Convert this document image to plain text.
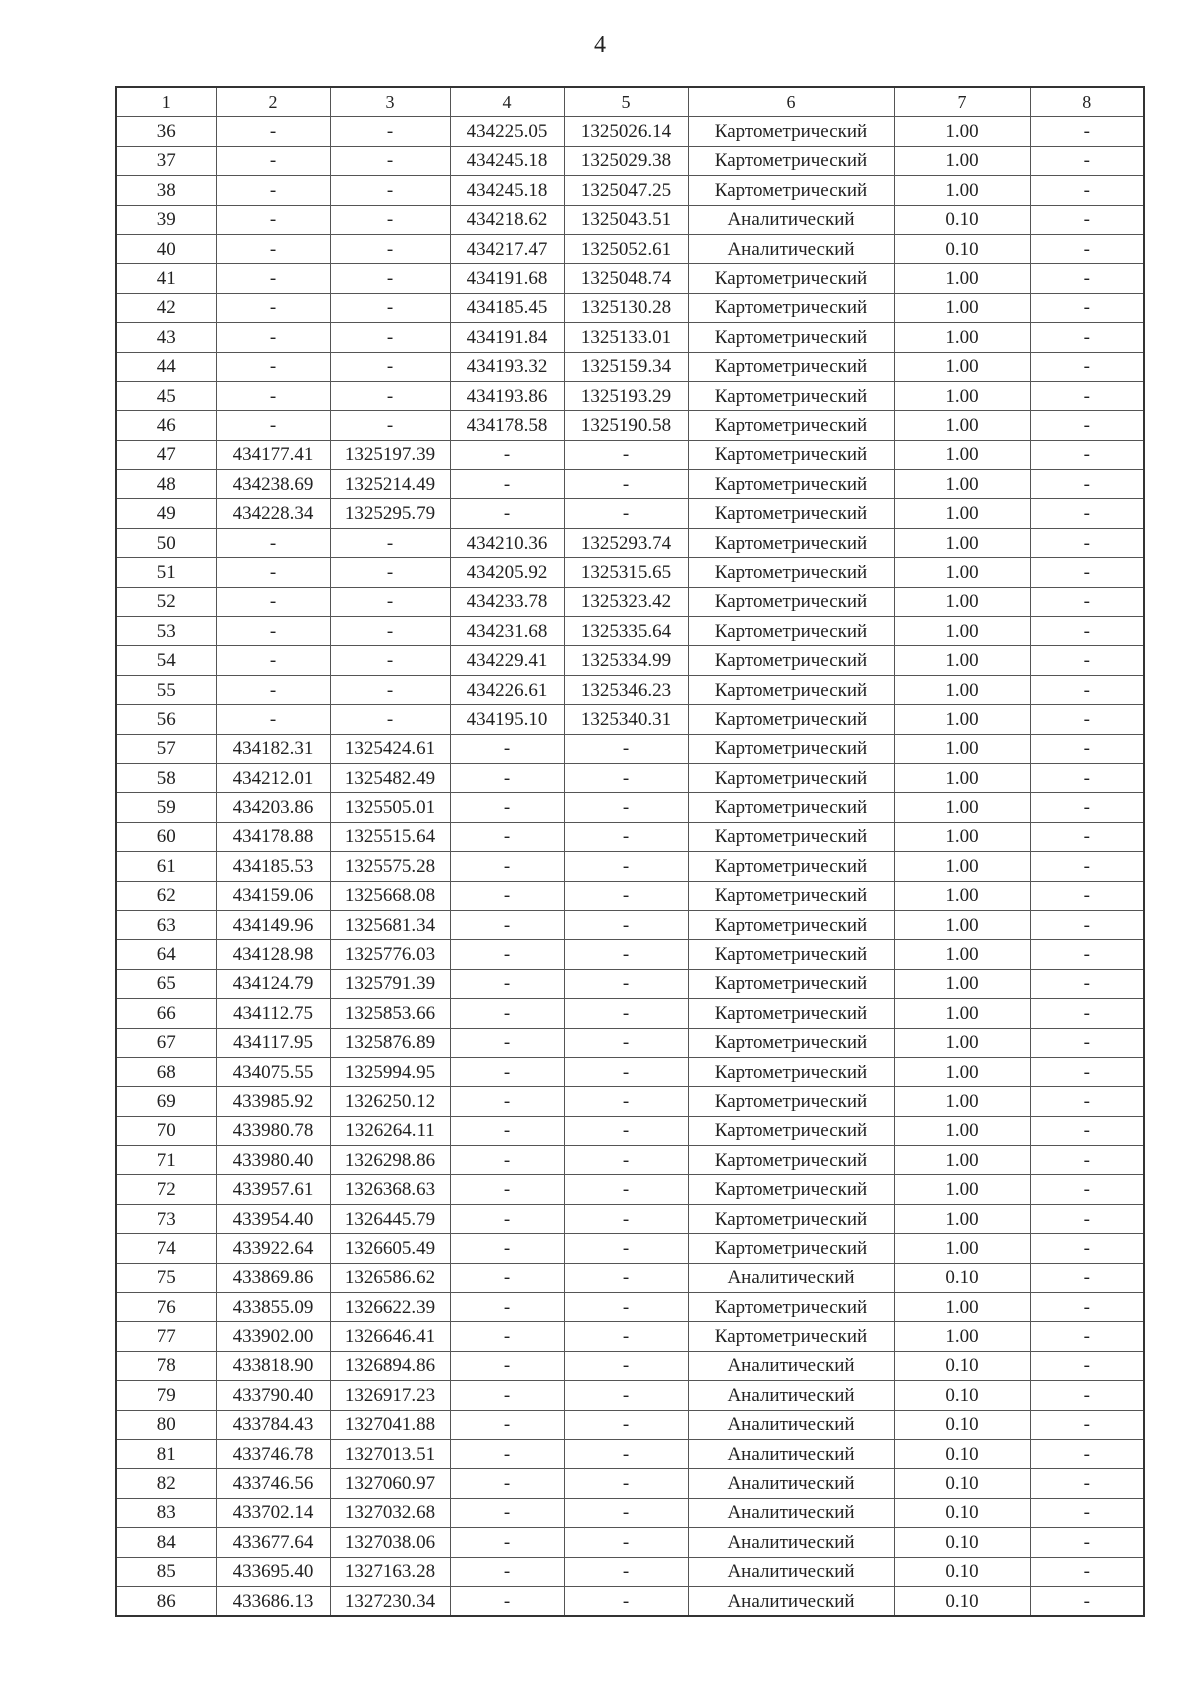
4
1	2	3	4	5	6	7	8
36	-	-	434225.05	1325026.14	Картометрический	1.00	-
37	-	-	434245.18	1325029.38	Картометрический	1.00	-
38	-	-	434245.18	1325047.25	Картометрический	1.00	-
39	-	-	434218.62	1325043.51	Аналитический	0.10	-
40	-	-	434217.47	1325052.61	Аналитический	0.10	-
41	-	-	434191.68	1325048.74	Картометрический	1.00	-
42	-	-	434185.45	1325130.28	Картометрический	1.00	-
43	-	-	434191.84	1325133.01	Картометрический	1.00	-
44	-	-	434193.32	1325159.34	Картометрический	1.00	-
45	-	-	434193.86	1325193.29	Картометрический	1.00	-
46	-	-	434178.58	1325190.58	Картометрический	1.00	-
47	434177.41	1325197.39	-	-	Картометрический	1.00	-
48	434238.69	1325214.49	-	-	Картометрический	1.00	-
49	434228.34	1325295.79	-	-	Картометрический	1.00	-
50	-	-	434210.36	1325293.74	Картометрический	1.00	-
51	-	-	434205.92	1325315.65	Картометрический	1.00	-
52	-	-	434233.78	1325323.42	Картометрический	1.00	-
53	-	-	434231.68	1325335.64	Картометрический	1.00	-
54	-	-	434229.41	1325334.99	Картометрический	1.00	-
55	-	-	434226.61	1325346.23	Картометрический	1.00	-
56	-	-	434195.10	1325340.31	Картометрический	1.00	-
57	434182.31	1325424.61	-	-	Картометрический	1.00	-
58	434212.01	1325482.49	-	-	Картометрический	1.00	-
59	434203.86	1325505.01	-	-	Картометрический	1.00	-
60	434178.88	1325515.64	-	-	Картометрический	1.00	-
61	434185.53	1325575.28	-	-	Картометрический	1.00	-
62	434159.06	1325668.08	-	-	Картометрический	1.00	-
63	434149.96	1325681.34	-	-	Картометрический	1.00	-
64	434128.98	1325776.03	-	-	Картометрический	1.00	-
65	434124.79	1325791.39	-	-	Картометрический	1.00	-
66	434112.75	1325853.66	-	-	Картометрический	1.00	-
67	434117.95	1325876.89	-	-	Картометрический	1.00	-
68	434075.55	1325994.95	-	-	Картометрический	1.00	-
69	433985.92	1326250.12	-	-	Картометрический	1.00	-
70	433980.78	1326264.11	-	-	Картометрический	1.00	-
71	433980.40	1326298.86	-	-	Картометрический	1.00	-
72	433957.61	1326368.63	-	-	Картометрический	1.00	-
73	433954.40	1326445.79	-	-	Картометрический	1.00	-
74	433922.64	1326605.49	-	-	Картометрический	1.00	-
75	433869.86	1326586.62	-	-	Аналитический	0.10	-
76	433855.09	1326622.39	-	-	Картометрический	1.00	-
77	433902.00	1326646.41	-	-	Картометрический	1.00	-
78	433818.90	1326894.86	-	-	Аналитический	0.10	-
79	433790.40	1326917.23	-	-	Аналитический	0.10	-
80	433784.43	1327041.88	-	-	Аналитический	0.10	-
81	433746.78	1327013.51	-	-	Аналитический	0.10	-
82	433746.56	1327060.97	-	-	Аналитический	0.10	-
83	433702.14	1327032.68	-	-	Аналитический	0.10	-
84	433677.64	1327038.06	-	-	Аналитический	0.10	-
85	433695.40	1327163.28	-	-	Аналитический	0.10	-
86	433686.13	1327230.34	-	-	Аналитический	0.10	-
